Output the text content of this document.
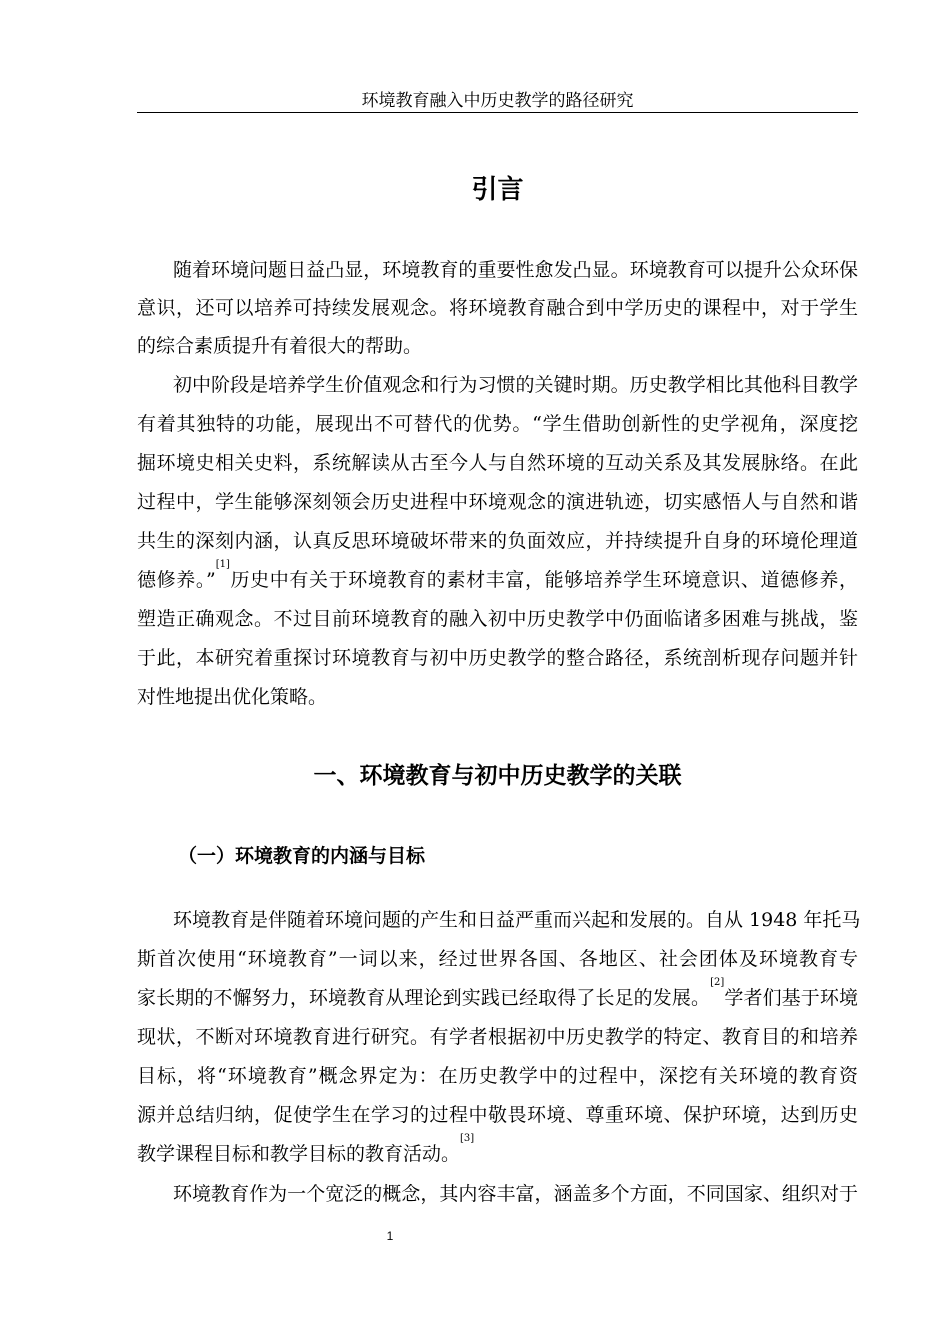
环境教育融入中历史教学的路径研究
引言
随着环境问题日益凸显，环境教育的重要性愈发凸显。环境教育可以提升公众环保
意识，还可以培养可持续发展观念。将环境教育融合到中学历史的课程中，对于学生
的综合素质提升有着很大的帮助。
初中阶段是培养学生价值观念和行为习惯的关键时期。历史教学相比其他科目教学
有着其独特的功能，展现出不可替代的优势。“学生借助创新性的史学视角，深度挖
掘环境史相关史料，系统解读从古至今人与自然环境的互动关系及其发展脉络。在此
过程中，学生能够深刻领会历史进程中环境观念的演进轨迹，切实感悟人与自然和谐
共生的深刻内涵，认真反思环境破坏带来的负面效应，并持续提升自身的环境伦理道
德修养。”[1]历史中有关于环境教育的素材丰富，能够培养学生环境意识、道德修养，
塑造正确观念。不过目前环境教育的融入初中历史教学中仍面临诸多困难与挑战，鉴
于此，本研究着重探讨环境教育与初中历史教学的整合路径，系统剖析现存问题并针
对性地提出优化策略。
一、环境教育与初中历史教学的关联
（一）环境教育的内涵与目标
环境教育是伴随着环境问题的产生和日益严重而兴起和发展的。自从 1948 年托马
斯首次使用“环境教育”一词以来，经过世界各国、各地区、社会团体及环境教育专
家长期的不懈努力，环境教育从理论到实践已经取得了长足的发展。[2]学者们基于环境
现状，不断对环境教育进行研究。有学者根据初中历史教学的特定、教育目的和培养
目标，将“环境教育”概念界定为：在历史教学中的过程中，深挖有关环境的教育资
源并总结归纳，促使学生在学习的过程中敬畏环境、尊重环境、保护环境，达到历史
教学课程目标和教学目标的教育活动。[3]
环境教育作为一个宽泛的概念，其内容丰富，涵盖多个方面，不同国家、组织对于
1
